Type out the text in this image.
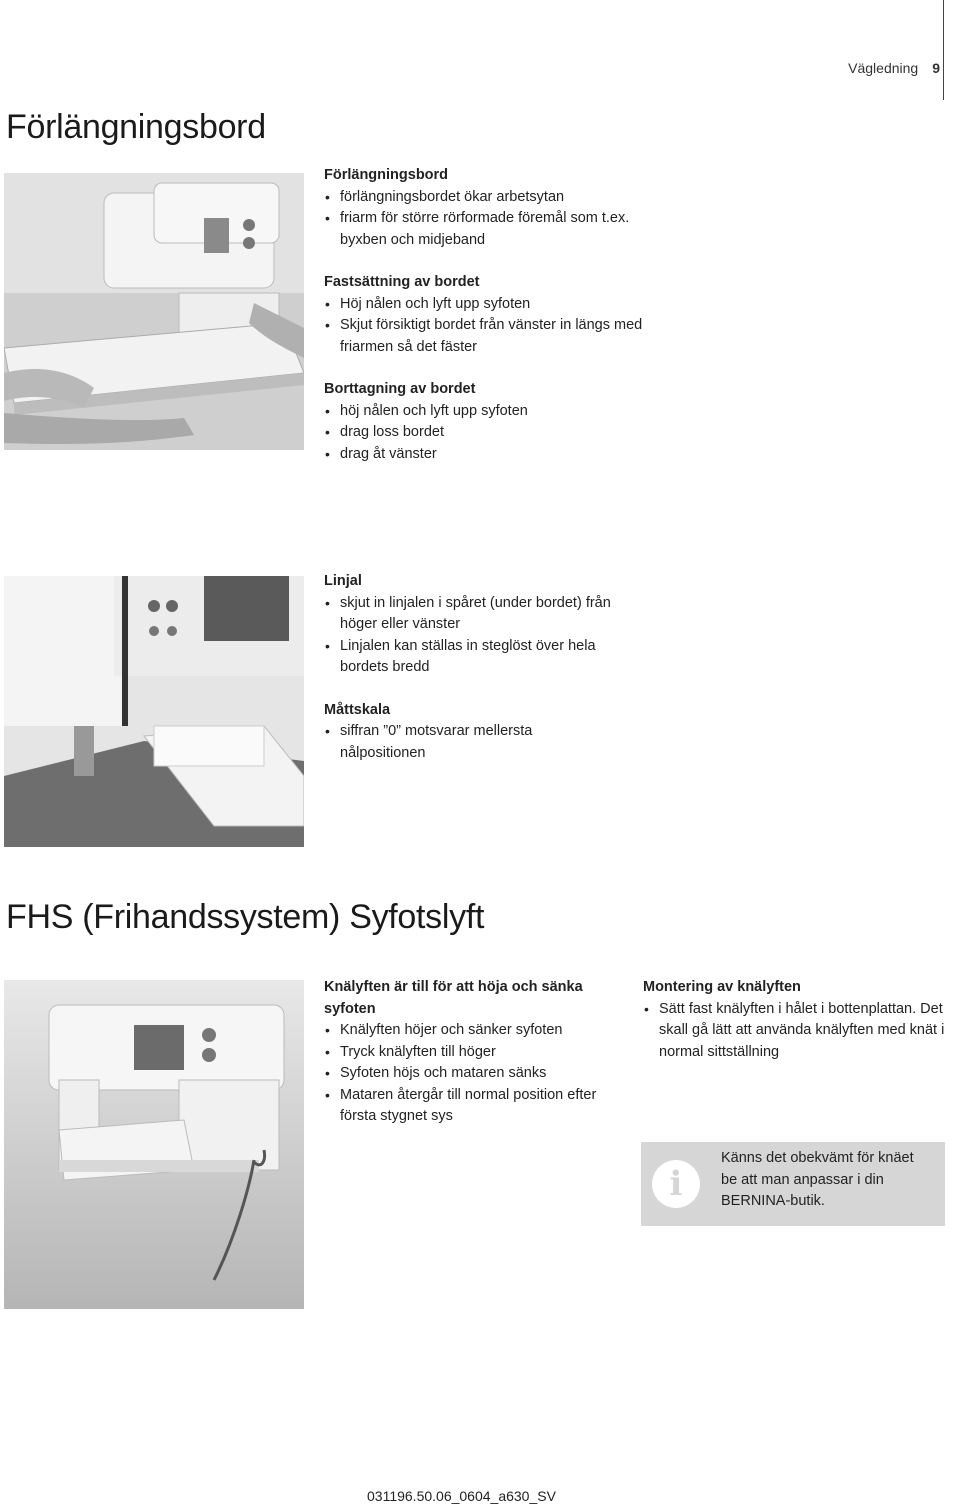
Vägledning 9
Förlängningsbord
Förlängningsbord
• förlängningsbordet ökar arbetsytan
• friarm för större rörformade föremål som t.ex. byxben och midjeband
Fastsättning av bordet
• Höj nålen och lyft upp syfoten
• Skjut försiktigt bordet från vänster in längs med friarmen så det fäster
Borttagning av bordet
• höj nålen och lyft upp syfoten
• drag loss bordet
• drag åt vänster
Linjal
• skjut in linjalen i spåret (under bordet) från höger eller vänster
• Linjalen kan ställas in steglöst över hela bordets bredd
Måttskala
• siffran ”0” motsvarar mellersta nålpositionen
FHS (Frihandssystem) Syfotslyft
Knälyften är till för att höja och sänka syfoten
• Knälyften höjer och sänker syfoten
• Tryck knälyften till höger
• Syfoten höjs och mataren sänks
• Mataren återgår till normal position efter första stygnet sys
Montering av knälyften
• Sätt fast knälyften i hålet i bottenplattan. Det skall gå lätt att använda knälyften med knät i normal sittställning
i
Känns det obekvämt för knäet be att man anpassar i din BERNINA-butik.
031196.50.06_0604_a630_SV
